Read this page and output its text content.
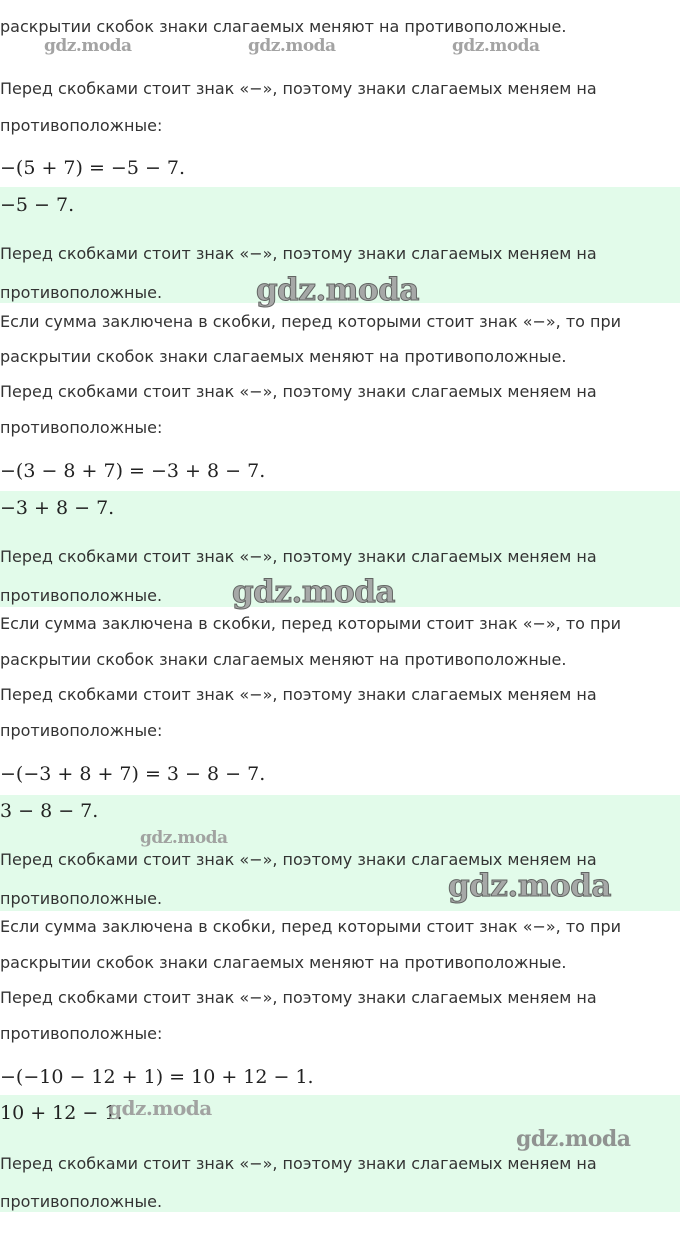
раскрытии скобок знаки слагаемых меняют на противоположные.
gdz.moda	gdz.moda	gdz.moda
Перед скобками стоит знак «−», поэтому знаки слагаемых меняем на
противоположные:
−(5 + 7) = −5 − 7.
−5 − 7.
Перед скобками стоит знак «−», поэтому знаки слагаемых меняем на
противоположные.	gdz.moda
Если сумма заключена в скобки, перед которыми стоит знак «−», то при
раскрытии скобок знаки слагаемых меняют на противоположные.
Перед скобками стоит знак «−», поэтому знаки слагаемых меняем на
противоположные:
−(3 − 8 + 7) = −3 + 8 − 7.
−3 + 8 − 7.
Перед скобками стоит знак «−», поэтому знаки слагаемых меняем на
противоположные. gdz.moda
Если сумма заключена в скобки, перед которыми стоит знак «−», то при
раскрытии скобок знаки слагаемых меняют на противоположные.
Перед скобками стоит знак «−», поэтому знаки слагаемых меняем на
противоположные:
−(−3 + 8 + 7) = 3 − 8 − 7.
3 − 8 − 7.
gdz.moda
Перед скобками стоит знак «−», поэтому знаки слагаемых меняем на
противоположные.	gdz.moda
Если сумма заключена в скобки, перед которыми стоит знак «−», то при
раскрытии скобок знаки слагаемых меняют на противоположные.
Перед скобками стоит знак «−», поэтому знаки слагаемых меняем на
противоположные:
−(−10 − 12 + 1) = 10 + 12 − 1.
10 + 12 − 1.
gdz.moda
gdz.moda
Перед скобками стоит знак «−», поэтому знаки слагаемых меняем на
противоположные.
